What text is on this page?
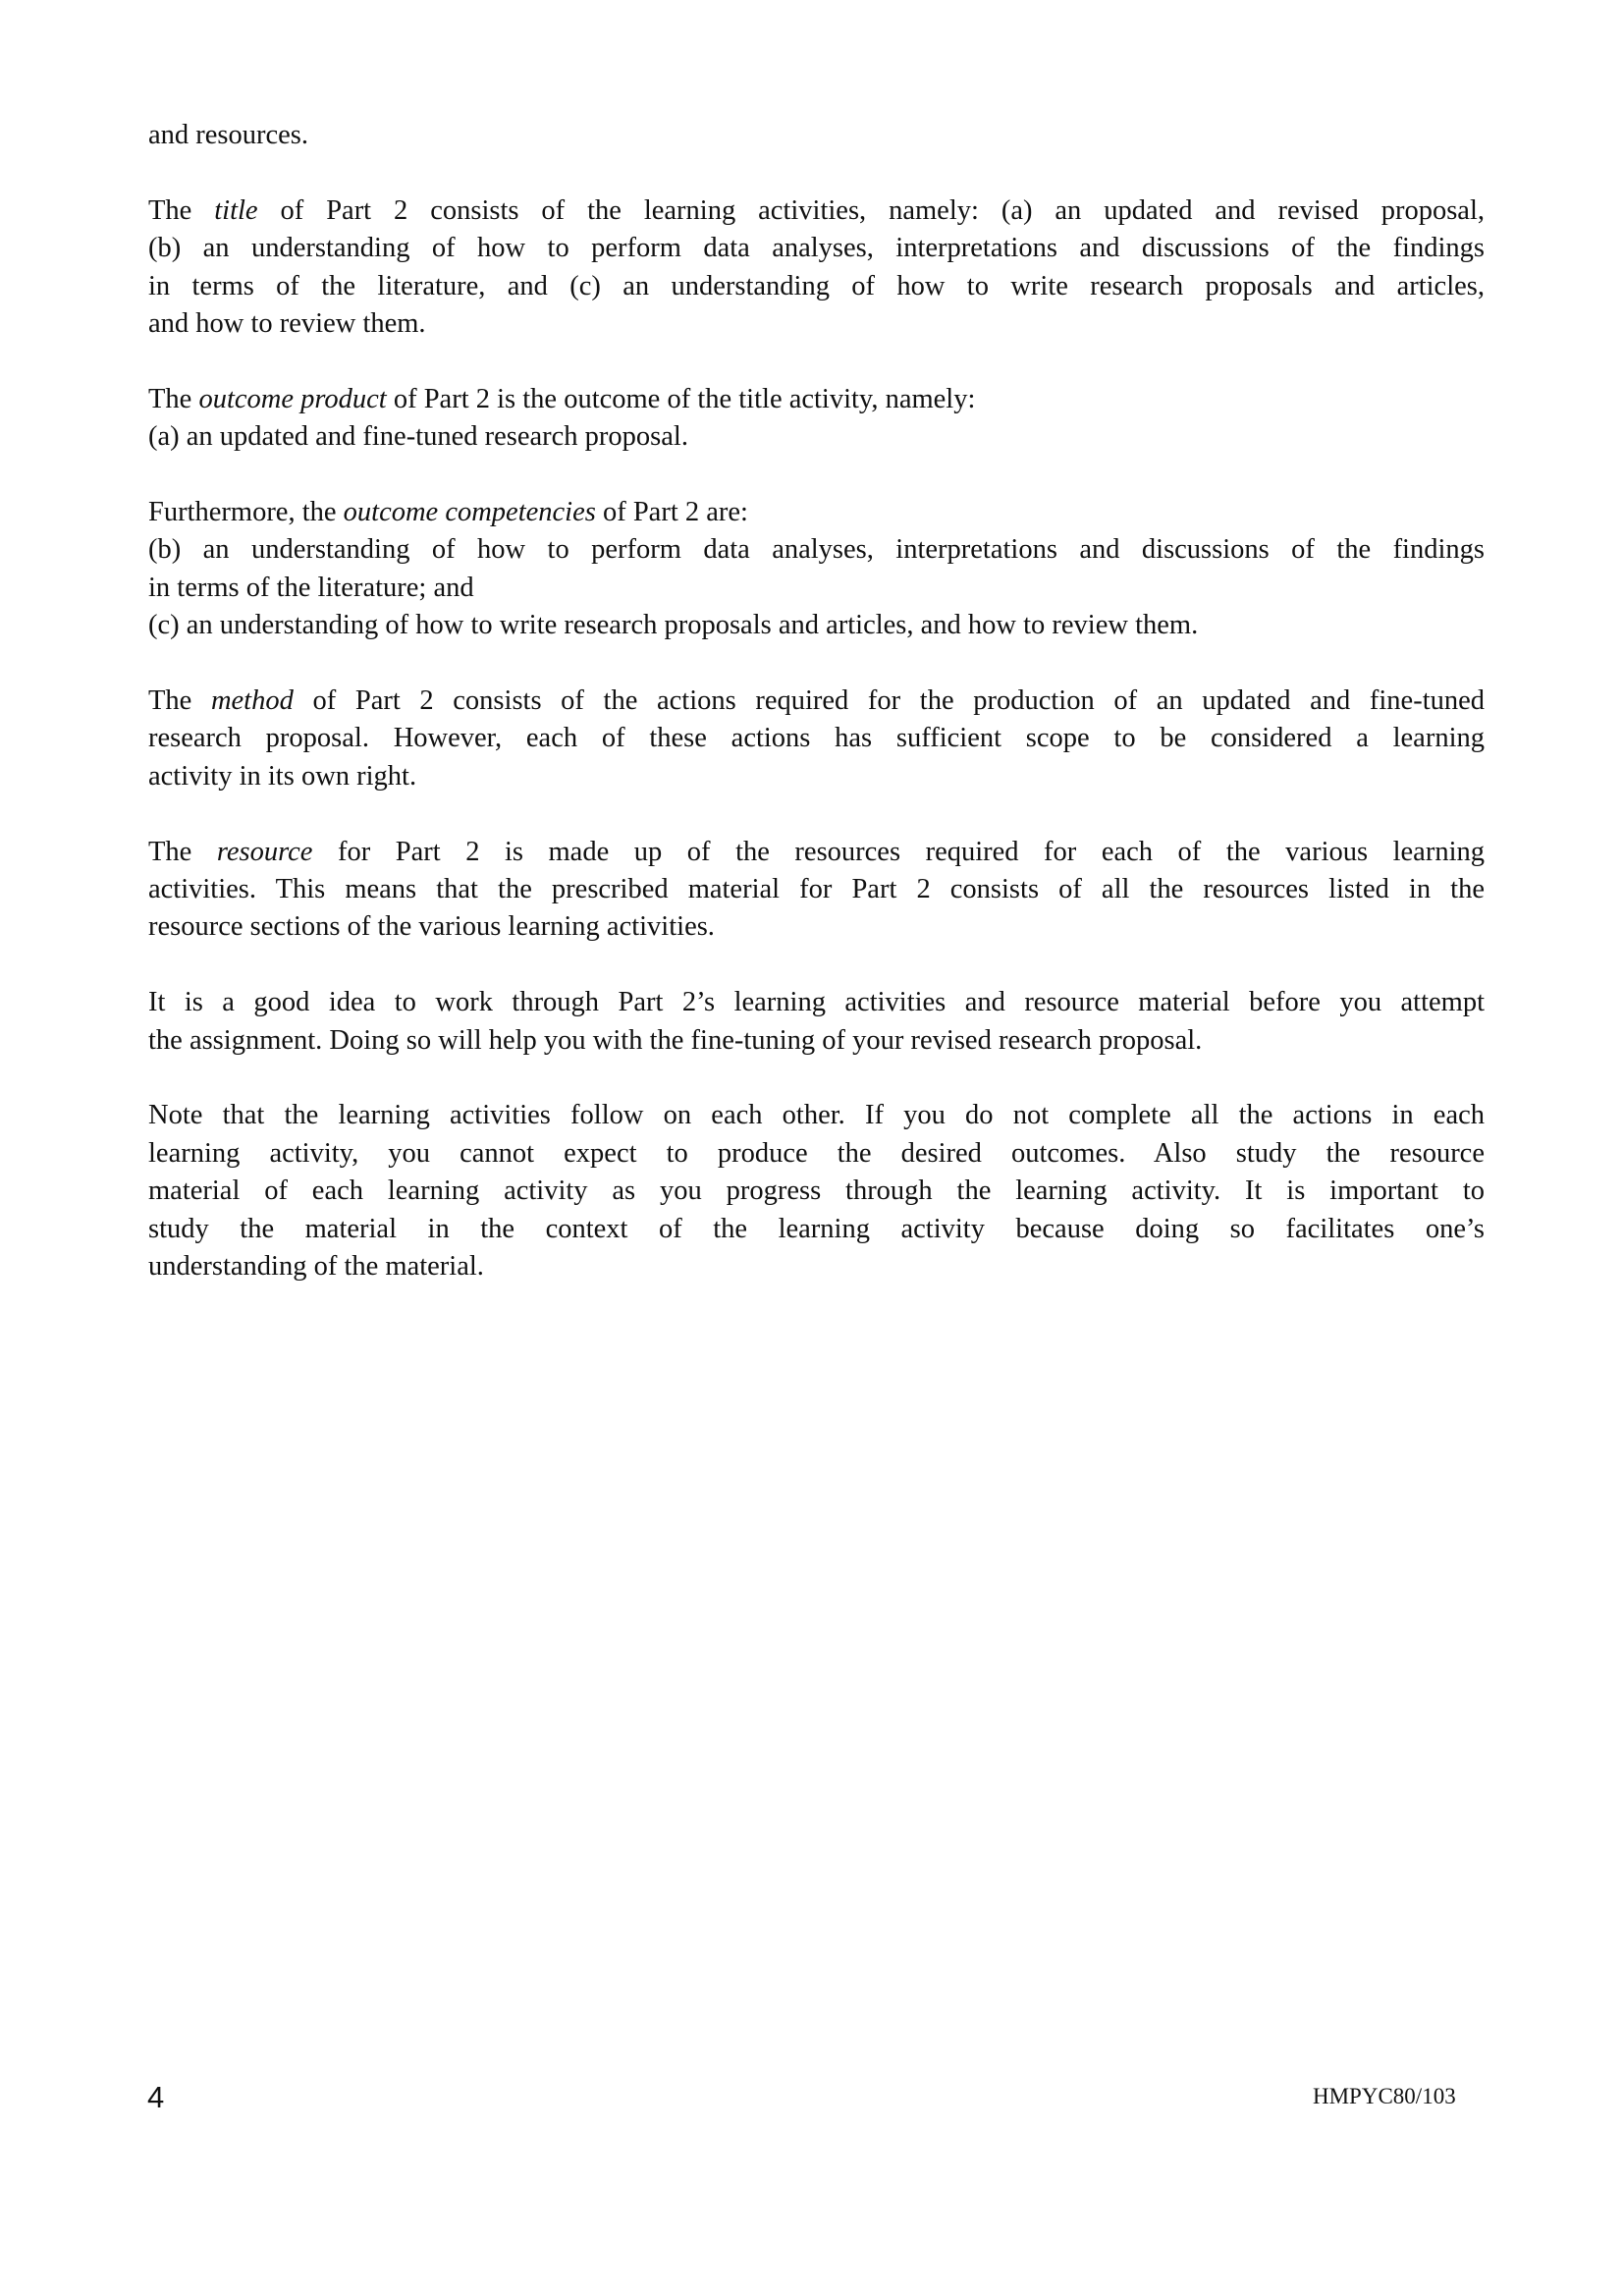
and resources.

The title of Part 2 consists of the learning activities, namely: (a) an updated and revised proposal,
(b) an understanding of how to perform data analyses, interpretations and discussions of the findings
in terms of the literature, and (c) an understanding of how to write research proposals and articles,
and how to review them.

The outcome product of Part 2 is the outcome of the title activity, namely:
(a) an updated and fine-tuned research proposal.

Furthermore, the outcome competencies of Part 2 are:
(b) an understanding of how to perform data analyses, interpretations and discussions of the findings
in terms of the literature; and
(c) an understanding of how to write research proposals and articles, and how to review them.

The method of Part 2 consists of the actions required for the production of an updated and fine-tuned
research proposal. However, each of these actions has sufficient scope to be considered a learning
activity in its own right.

The resource for Part 2 is made up of the resources required for each of the various learning
activities. This means that the prescribed material for Part 2 consists of all the resources listed in the
resource sections of the various learning activities.

It is a good idea to work through Part 2’s learning activities and resource material before you attempt
the assignment. Doing so will help you with the fine-tuning of your revised research proposal.

Note that the learning activities follow on each other. If you do not complete all the actions in each
learning activity, you cannot expect to produce the desired outcomes. Also study the resource
material of each learning activity as you progress through the learning activity. It is important to
study the material in the context of the learning activity because doing so facilitates one’s
understanding of the material.

4	HMPYC80/103
